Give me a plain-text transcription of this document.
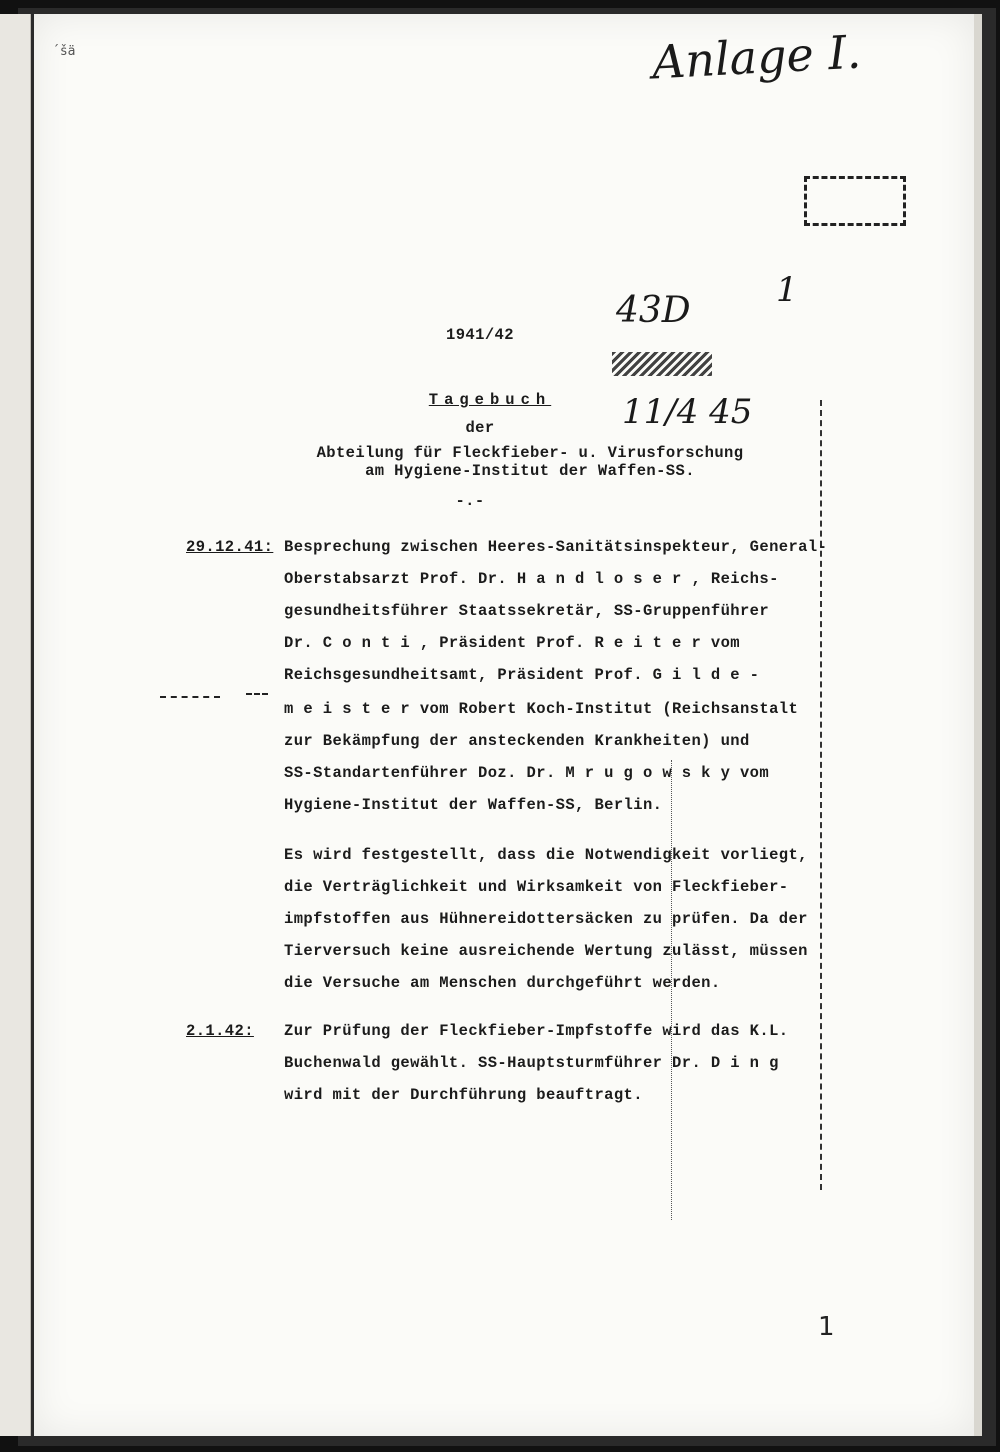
´šä	Anlage I.
43D	1
11/4 45
1941/42
Tagebuch
der
Abteilung für Fleckfieber- u. Virusforschung
am Hygiene-Institut der Waffen-SS.
-.-
29.12.41: Besprechung zwischen Heeres-Sanitätsinspekteur, General-
Oberstabsarzt Prof. Dr. H a n d l o s e r , Reichs-
gesundheitsführer Staatssekretär, SS-Gruppenführer
Dr. C o n t i , Präsident Prof. R e i t e r vom
Reichsgesundheitsamt, Präsident Prof. G i l d e -
m e i s t e r vom Robert Koch-Institut (Reichsanstalt
zur Bekämpfung der ansteckenden Krankheiten) und
SS-Standartenführer Doz. Dr. M r u g o w s k y vom
Hygiene-Institut der Waffen-SS, Berlin.
Es wird festgestellt, dass die Notwendigkeit vorliegt,
die Verträglichkeit und Wirksamkeit von Fleckfieber-
impfstoffen aus Hühnereidottersäcken zu prüfen. Da der
Tierversuch keine ausreichende Wertung zulässt, müssen
die Versuche am Menschen durchgeführt werden.
2.1.42: Zur Prüfung der Fleckfieber-Impfstoffe wird das K.L.
Buchenwald gewählt. SS-Hauptsturmführer Dr. D i n g
wird mit der Durchführung beauftragt.
1
